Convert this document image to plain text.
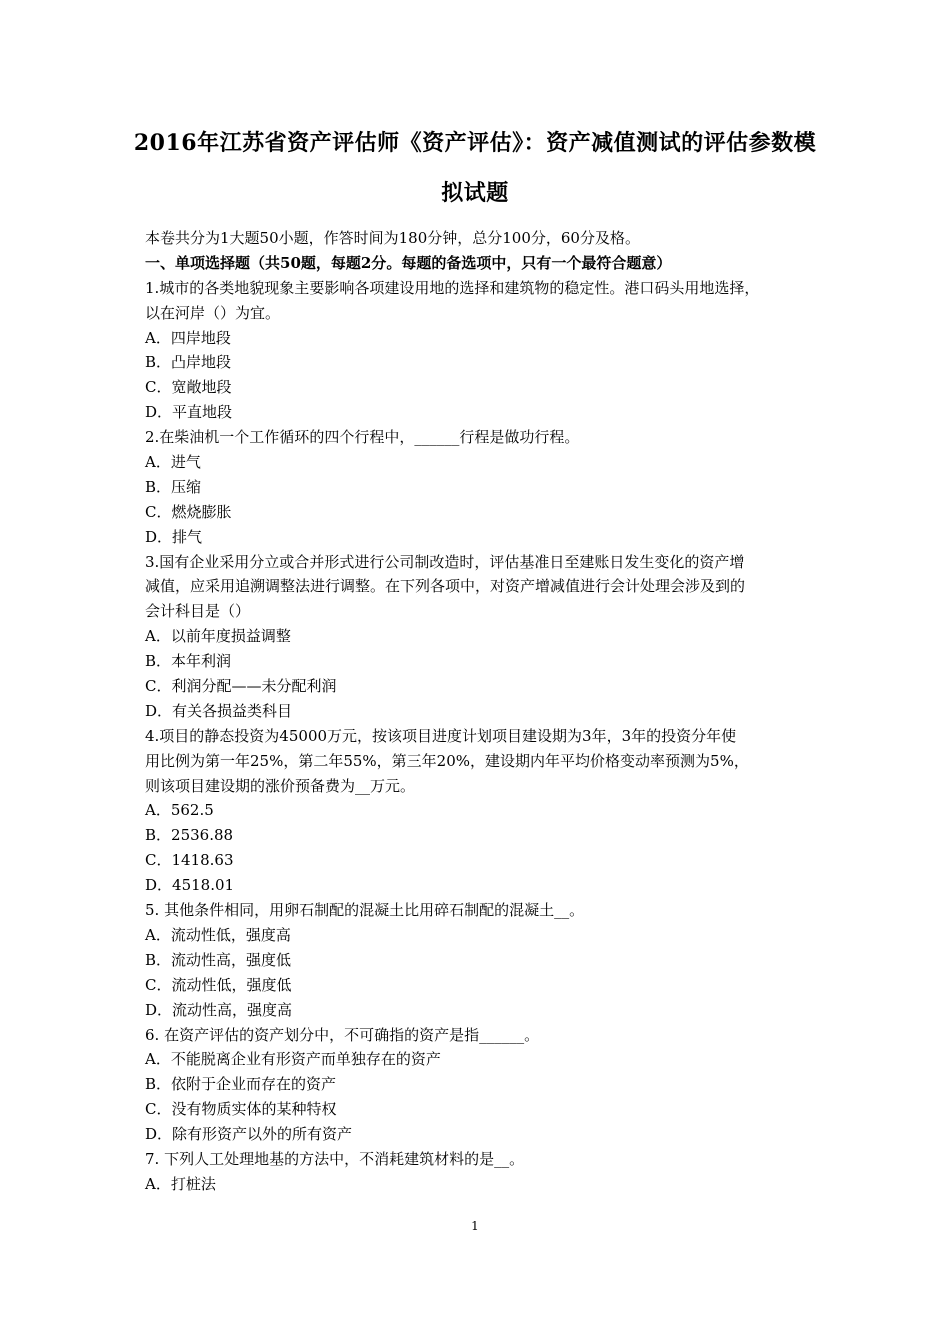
2016年江苏省资产评估师《资产评估》：资产减值测试的评估参数模
拟试题
本卷共分为1大题50小题，作答时间为180分钟，总分100分，60分及格。
一、单项选择题（共50题，每题2分。每题的备选项中，只有一个最符合题意）
1.城市的各类地貌现象主要影响各项建设用地的选择和建筑物的稳定性。港口码头用地选择，
以在河岸（）为宜。
A．四岸地段
B．凸岸地段
C．宽敞地段
D．平直地段
2.在柴油机一个工作循环的四个行程中，______行程是做功行程。
A．进气
B．压缩
C．燃烧膨胀
D．排气
3.国有企业采用分立或合并形式进行公司制改造时，评估基准日至建账日发生变化的资产增
减值，应采用追溯调整法进行调整。在下列各项中，对资产增减值进行会计处理会涉及到的
会计科目是（）
A．以前年度损益调整
B．本年利润
C．利润分配——未分配利润
D．有关各损益类科目
4.项目的静态投资为45000万元，按该项目进度计划项目建设期为3年，3年的投资分年使
用比例为第一年25%，第二年55%，第三年20%，建设期内年平均价格变动率预测为5%，
则该项目建设期的涨价预备费为__万元。
A．562.5
B．2536.88
C．1418.63
D．4518.01
5. 其他条件相同，用卵石制配的混凝土比用碎石制配的混凝土__。
A．流动性低，强度高
B．流动性高，强度低
C．流动性低，强度低
D．流动性高，强度高
6. 在资产评估的资产划分中，不可确指的资产是指______。
A．不能脱离企业有形资产而单独存在的资产
B．依附于企业而存在的资产
C．没有物质实体的某种特权
D．除有形资产以外的所有资产
7. 下列人工处理地基的方法中，不消耗建筑材料的是__。
A．打桩法
1
